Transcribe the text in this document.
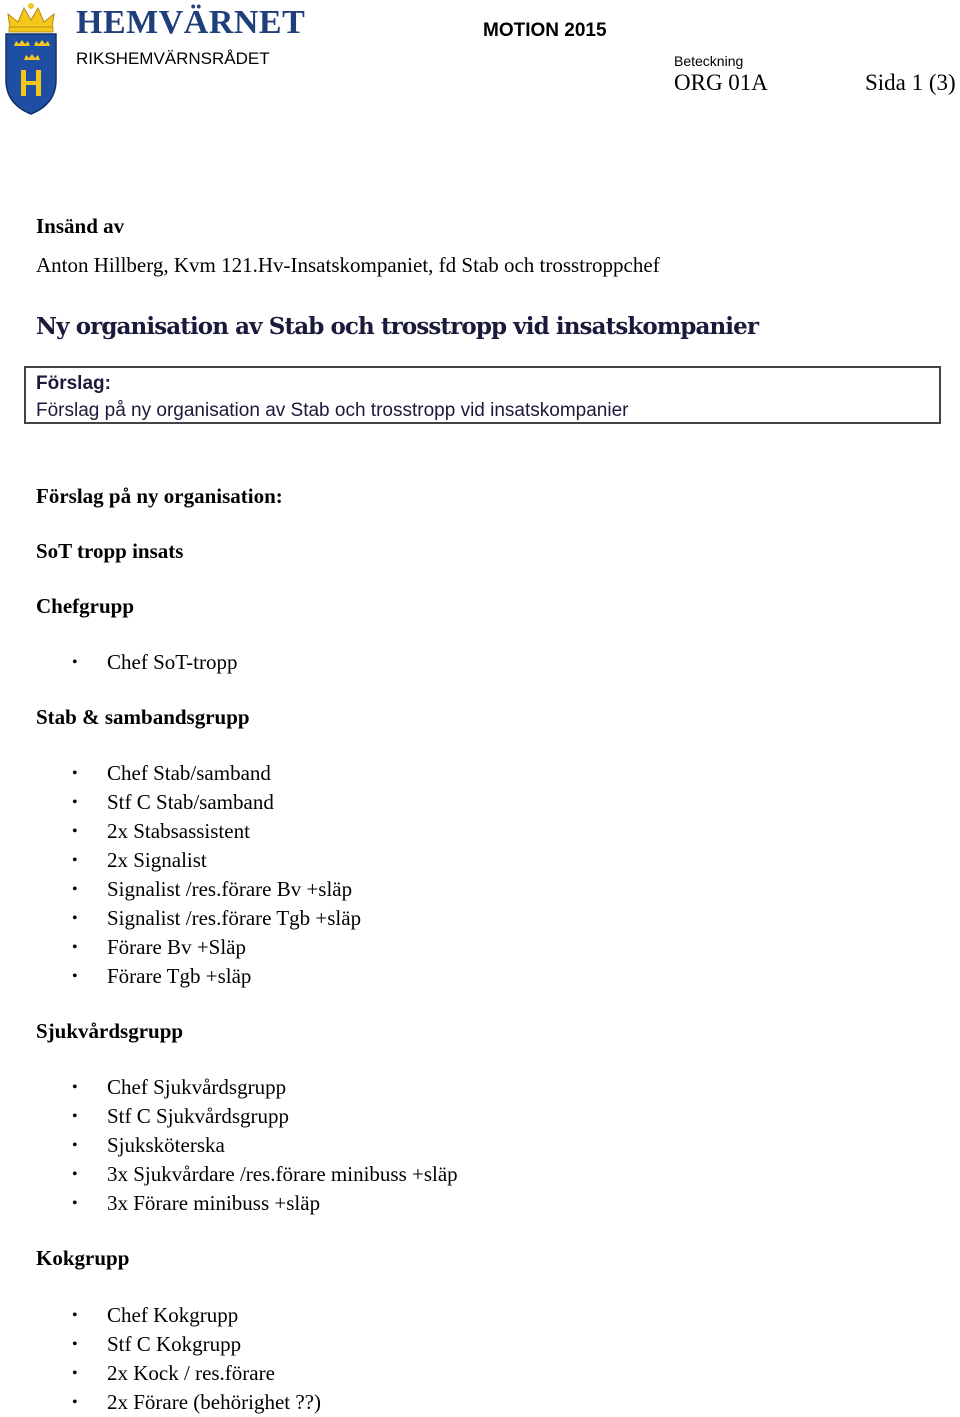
HEMVÄRNET
RIKSHEMVÄRNSRÅDET
MOTION 2015
Beteckning
ORG 01A	Sida 1 (3)
Insänd av
Anton Hillberg, Kvm 121.Hv-Insatskompaniet, fd Stab och trosstroppchef
Ny organisation av Stab och trosstropp vid insatskompanier
Förslag:
Förslag på ny organisation av Stab och trosstropp vid insatskompanier
Förslag på ny organisation:
SoT tropp insats
Chefgrupp
• Chef SoT-tropp
Stab & sambandsgrupp
• Chef Stab/samband
• Stf C Stab/samband
• 2x Stabsassistent
• 2x Signalist
• Signalist /res.förare Bv +släp
• Signalist /res.förare Tgb +släp
• Förare Bv +Släp
• Förare Tgb +släp
Sjukvårdsgrupp
• Chef Sjukvårdsgrupp
• Stf C Sjukvårdsgrupp
• Sjuksköterska
• 3x Sjukvårdare /res.förare minibuss +släp
• 3x Förare minibuss +släp
Kokgrupp
• Chef Kokgrupp
• Stf C Kokgrupp
• 2x Kock / res.förare
• 2x Förare (behörighet ??)
